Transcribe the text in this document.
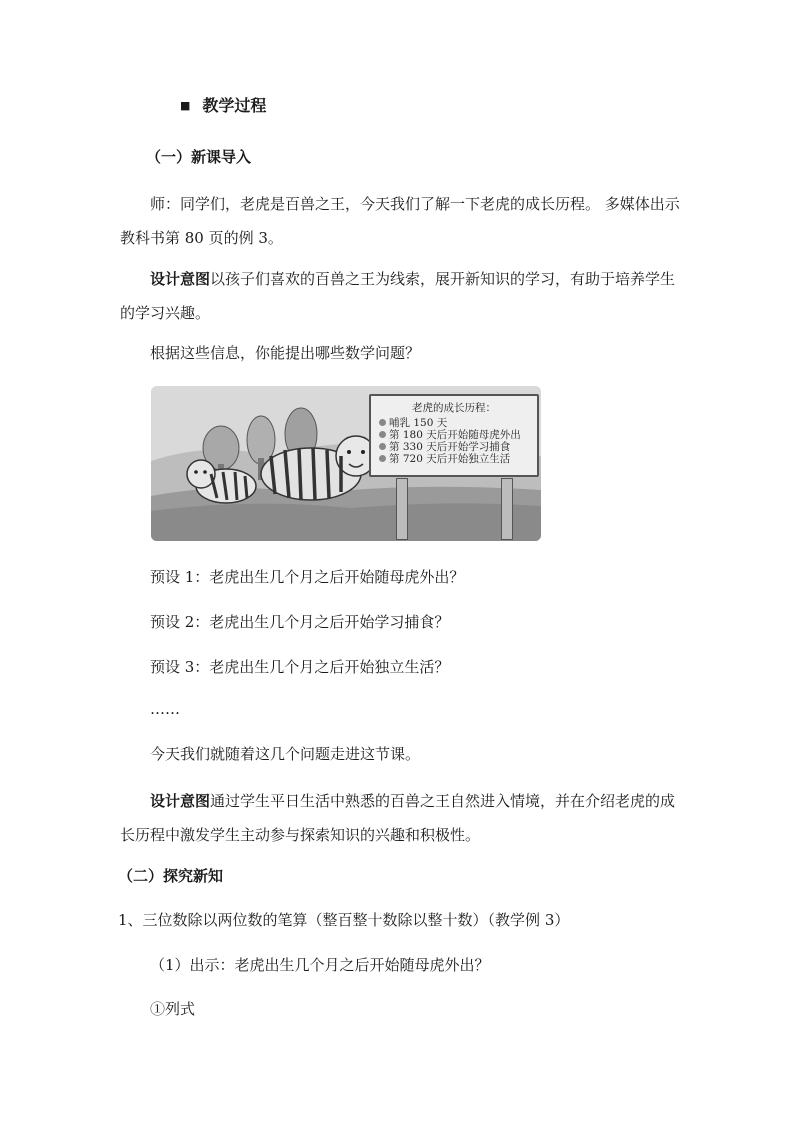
■ 教学过程
（一）新课导入
师：同学们，老虎是百兽之王，今天我们了解一下老虎的成长历程。 多媒体出示教科书第 80 页的例 3。
设计意图以孩子们喜欢的百兽之王为线索，展开新知识的学习，有助于培养学生的学习兴趣。
根据这些信息，你能提出哪些数学问题？
老虎的成长历程：
哺乳 150 天
第 180 天后开始随母虎外出
第 330 天后开始学习捕食
第 720 天后开始独立生活
预设 1：老虎出生几个月之后开始随母虎外出？
预设 2：老虎出生几个月之后开始学习捕食？
预设 3：老虎出生几个月之后开始独立生活？
……
今天我们就随着这几个问题走进这节课。
设计意图通过学生平日生活中熟悉的百兽之王自然进入情境，并在介绍老虎的成长历程中激发学生主动参与探索知识的兴趣和积极性。
（二）探究新知
1、三位数除以两位数的笔算（整百整十数除以整十数）（教学例 3）
（1）出示：老虎出生几个月之后开始随母虎外出？
①列式
